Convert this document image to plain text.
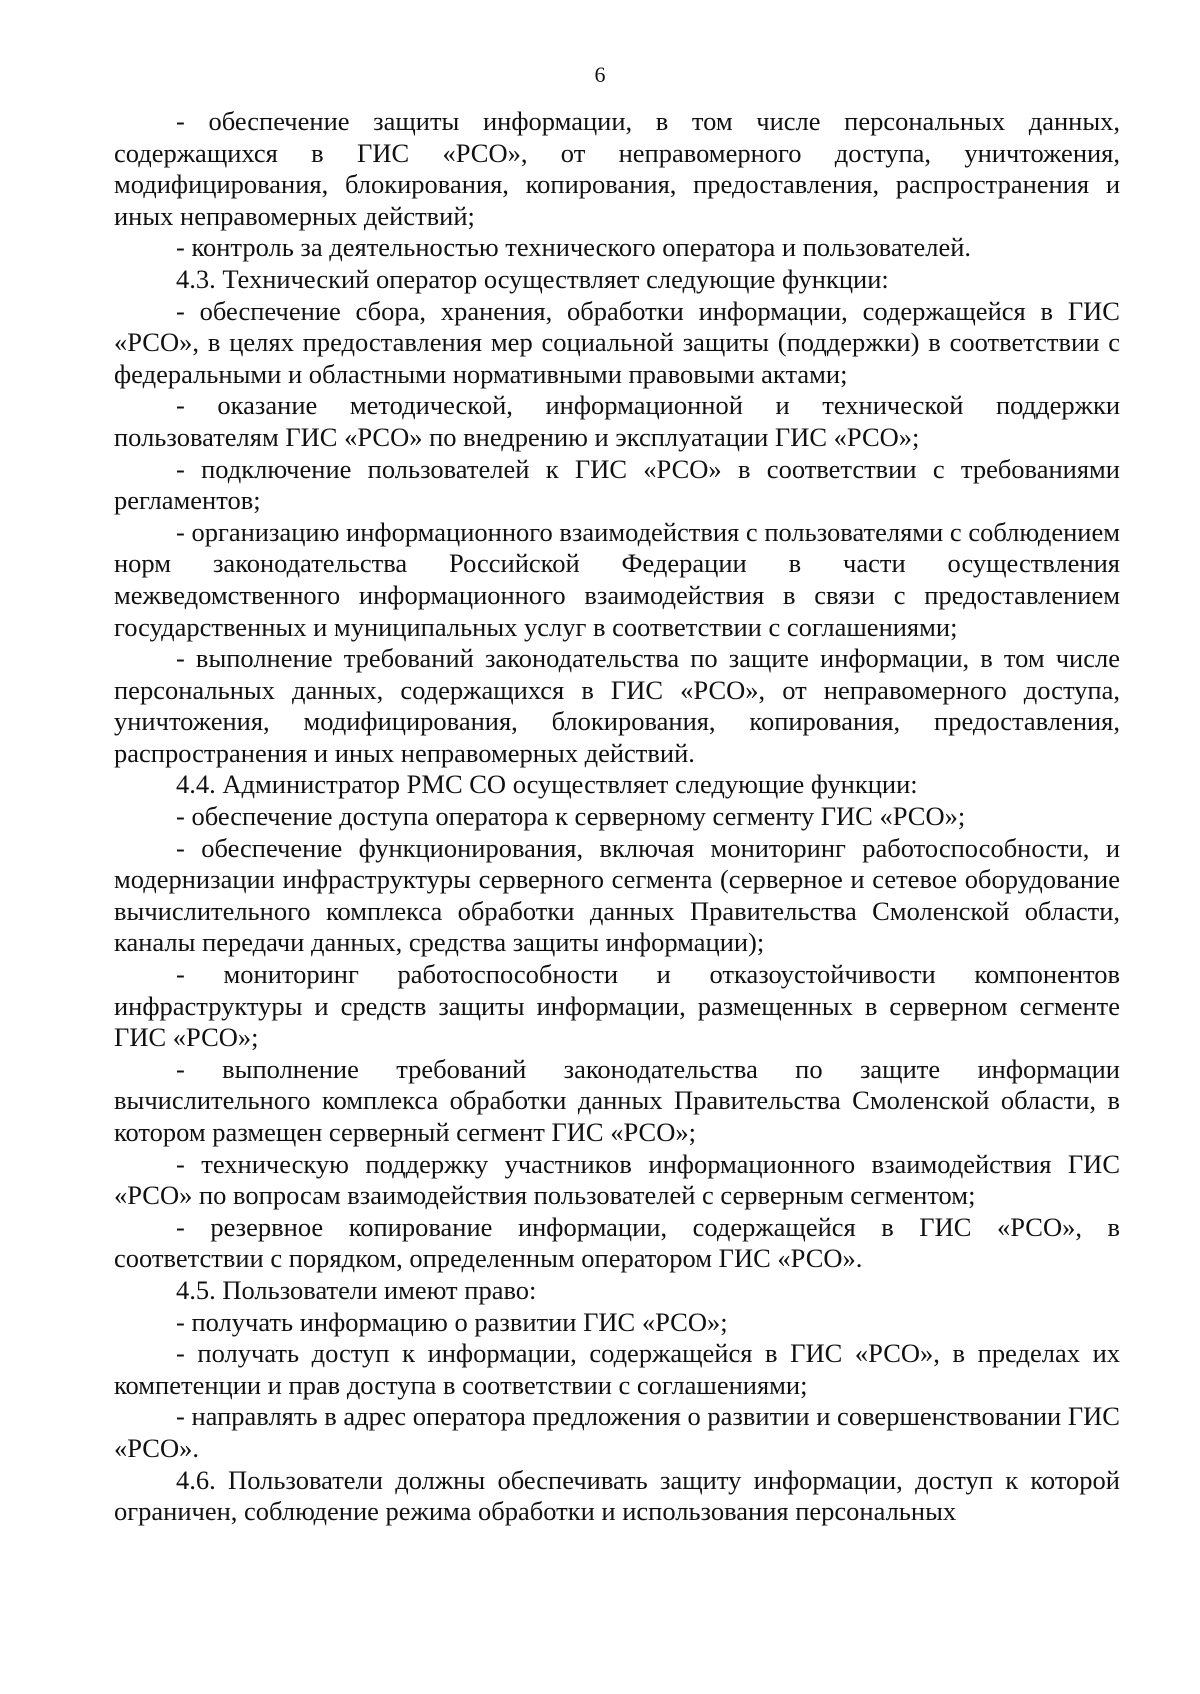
6

- обеспечение защиты информации, в том числе персональных данных, содержащихся в ГИС «РСО», от неправомерного доступа, уничтожения, модифицирования, блокирования, копирования, предоставления, распространения и иных неправомерных действий;

- контроль за деятельностью технического оператора и пользователей.

4.3. Технический оператор осуществляет следующие функции:

- обеспечение сбора, хранения, обработки информации, содержащейся в ГИС «РСО», в целях предоставления мер социальной защиты (поддержки) в соответствии с федеральными и областными нормативными правовыми актами;

- оказание методической, информационной и технической поддержки пользователям ГИС «РСО» по внедрению и эксплуатации ГИС «РСО»;

- подключение пользователей к ГИС «РСО» в соответствии с требованиями регламентов;

- организацию информационного взаимодействия с пользователями с соблюдением норм законодательства Российской Федерации в части осуществления межведомственного информационного взаимодействия в связи с предоставлением государственных и муниципальных услуг в соответствии с соглашениями;

- выполнение требований законодательства по защите информации, в том числе персональных данных, содержащихся в ГИС «РСО», от неправомерного доступа, уничтожения, модифицирования, блокирования, копирования, предоставления, распространения и иных неправомерных действий.

4.4. Администратор РМС СО осуществляет следующие функции:

- обеспечение доступа оператора к серверному сегменту ГИС «РСО»;

- обеспечение функционирования, включая мониторинг работоспособности, и модернизации инфраструктуры серверного сегмента (серверное и сетевое оборудование вычислительного комплекса обработки данных Правительства Смоленской области, каналы передачи данных, средства защиты информации);

- мониторинг работоспособности и отказоустойчивости компонентов инфраструктуры и средств защиты информации, размещенных в серверном сегменте ГИС «РСО»;

- выполнение требований законодательства по защите информации вычислительного комплекса обработки данных Правительства Смоленской области, в котором размещен серверный сегмент ГИС «РСО»;

- техническую поддержку участников информационного взаимодействия ГИС «РСО» по вопросам взаимодействия пользователей с серверным сегментом;

- резервное копирование информации, содержащейся в ГИС «РСО», в соответствии с порядком, определенным оператором ГИС «РСО».

4.5. Пользователи имеют право:

- получать информацию о развитии ГИС «РСО»;

- получать доступ к информации, содержащейся в ГИС «РСО», в пределах их компетенции и прав доступа в соответствии с соглашениями;

- направлять в адрес оператора предложения о развитии и совершенствовании ГИС «РСО».

4.6. Пользователи должны обеспечивать защиту информации, доступ к которой ограничен, соблюдение режима обработки и использования персональных
